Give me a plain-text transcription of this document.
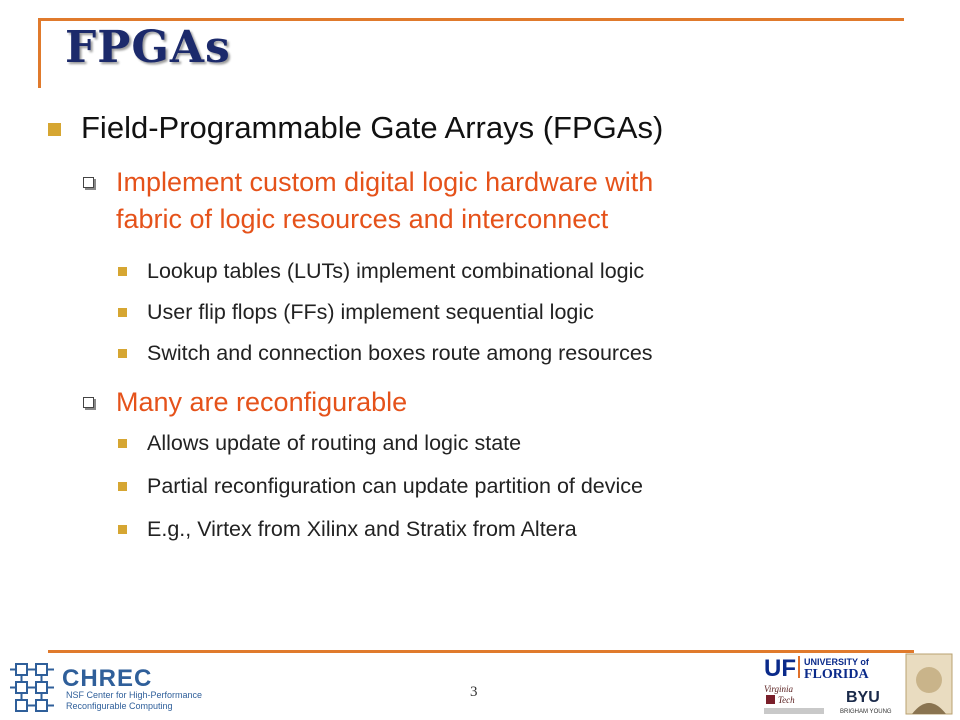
FPGAs
Field-Programmable Gate Arrays (FPGAs)
Implement custom digital logic hardware with
fabric of logic resources and interconnect
Lookup tables (LUTs) implement combinational logic
User flip flops (FFs) implement sequential logic
Switch and connection boxes route among resources
Many are reconfigurable
Allows update of routing and logic state
Partial reconfiguration can update partition of device
E.g., Virtex from Xilinx and Stratix from Altera
CHREC
NSF Center for High-Performance
Reconfigurable Computing
3
UF UNIVERSITY of
FLORIDA
Virginia
Tech	BYU
BRIGHAM YOUNG
